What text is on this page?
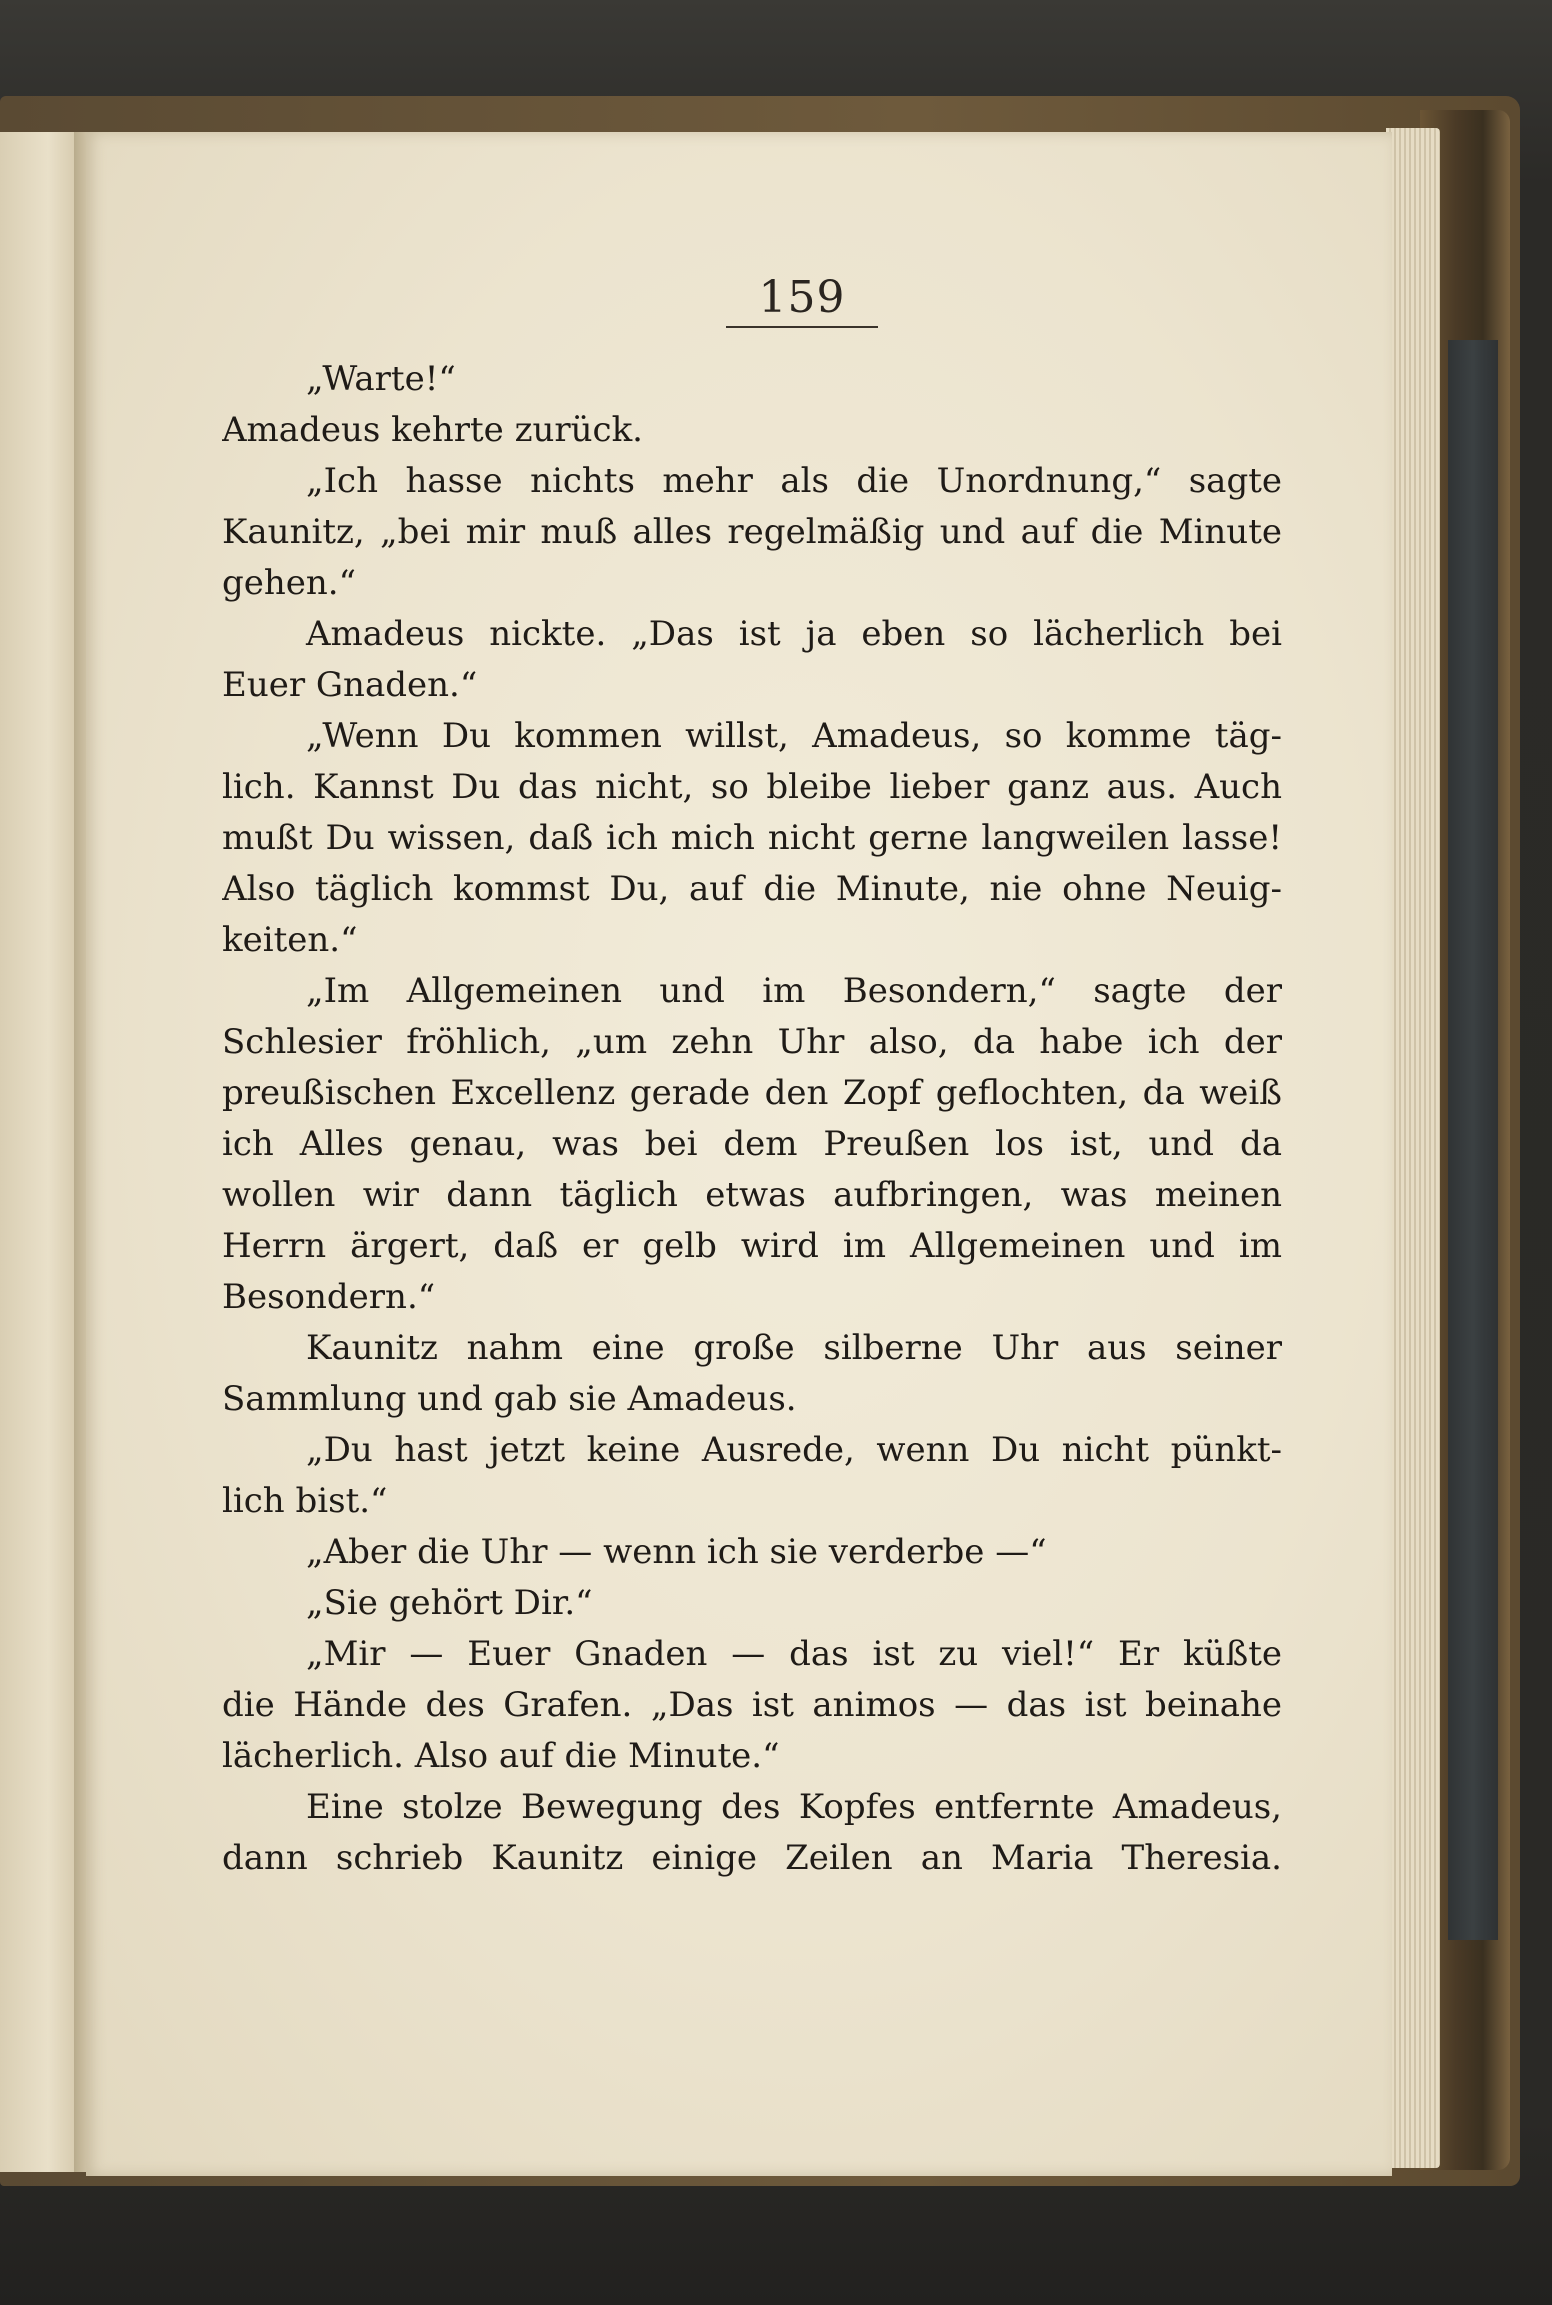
159
„Warte!“
Amadeus kehrte zurück.
„Ich hasse nichts mehr als die Unordnung,“ sagte
Kaunitz, „bei mir muß alles regelmäßig und auf die Minute
gehen.“
Amadeus nickte. „Das ist ja eben so lächerlich bei
Euer Gnaden.“
„Wenn Du kommen willst, Amadeus, so komme täg-
lich. Kannst Du das nicht, so bleibe lieber ganz aus. Auch
mußt Du wissen, daß ich mich nicht gerne langweilen lasse!
Also täglich kommst Du, auf die Minute, nie ohne Neuig-
keiten.“
„Im Allgemeinen und im Besondern,“ sagte der
Schlesier fröhlich, „um zehn Uhr also, da habe ich der
preußischen Excellenz gerade den Zopf geflochten, da weiß
ich Alles genau, was bei dem Preußen los ist, und da
wollen wir dann täglich etwas aufbringen, was meinen
Herrn ärgert, daß er gelb wird im Allgemeinen und im
Besondern.“
Kaunitz nahm eine große silberne Uhr aus seiner
Sammlung und gab sie Amadeus.
„Du hast jetzt keine Ausrede, wenn Du nicht pünkt-
lich bist.“
„Aber die Uhr — wenn ich sie verderbe —“
„Sie gehört Dir.“
„Mir — Euer Gnaden — das ist zu viel!“ Er küßte
die Hände des Grafen. „Das ist animos — das ist beinahe
lächerlich. Also auf die Minute.“
Eine stolze Bewegung des Kopfes entfernte Amadeus,
dann schrieb Kaunitz einige Zeilen an Maria Theresia.
